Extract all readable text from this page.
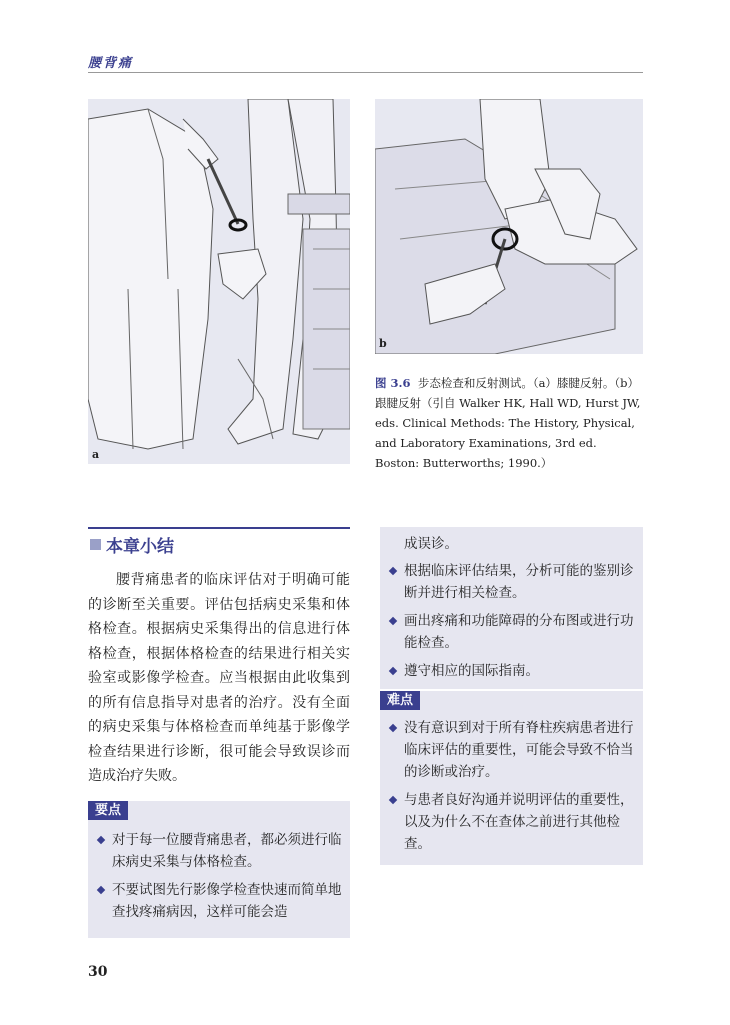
腰背痛
a
b
图 3.6 步态检查和反射测试。（a）膝腱反射。（b）跟腱反射（引自 Walker HK, Hall WD, Hurst JW, eds. Clinical Methods: The History, Physical, and Laboratory Examinations, 3rd ed. Boston: Butterworths; 1990.）
本章小结
腰背痛患者的临床评估对于明确可能的诊断至关重要。评估包括病史采集和体格检查。根据病史采集得出的信息进行体格检查，根据体格检查的结果进行相关实验室或影像学检查。应当根据由此收集到的所有信息指导对患者的治疗。没有全面的病史采集与体格检查而单纯基于影像学检查结果进行诊断，很可能会导致误诊而造成治疗失败。
要点
对于每一位腰背痛患者，都必须进行临床病史采集与体格检查。
不要试图先行影像学检查快速而简单地查找疼痛病因，这样可能会造
成误诊。
根据临床评估结果，分析可能的鉴别诊断并进行相关检查。
画出疼痛和功能障碍的分布图或进行功能检查。
遵守相应的国际指南。
难点
没有意识到对于所有脊柱疾病患者进行临床评估的重要性，可能会导致不恰当的诊断或治疗。
与患者良好沟通并说明评估的重要性，以及为什么不在查体之前进行其他检查。
30
